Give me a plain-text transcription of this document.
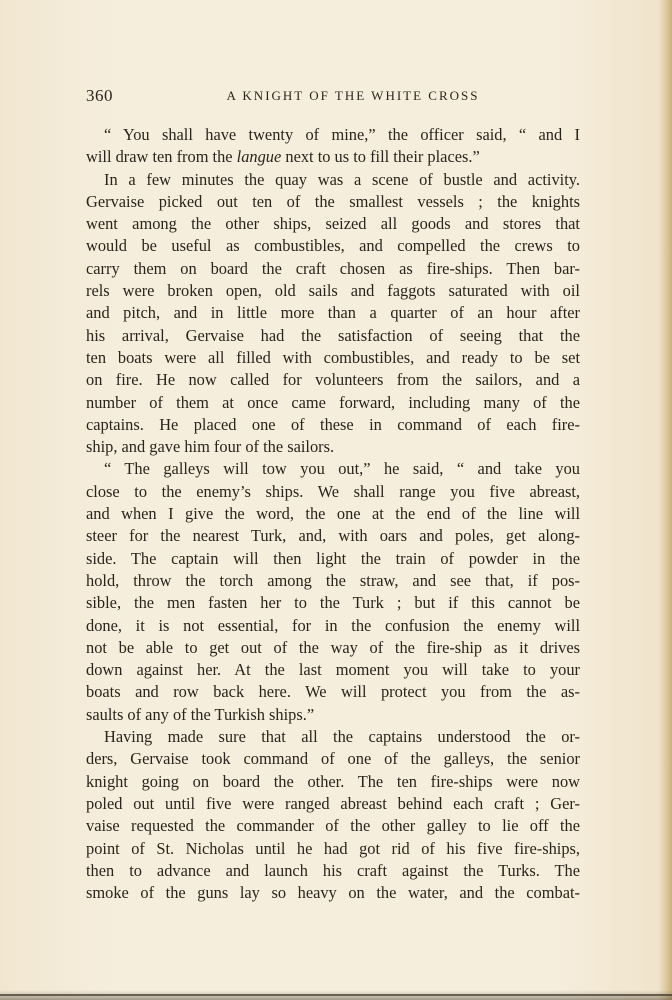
360	A KNIGHT OF THE WHITE CROSS
“ You shall have twenty of mine,” the officer said, “ and I
will draw ten from the langue next to us to fill their places.”
In a few minutes the quay was a scene of bustle and activity.
Gervaise picked out ten of the smallest vessels ; the knights
went among the other ships, seized all goods and stores that
would be useful as combustibles, and compelled the crews to
carry them on board the craft chosen as fire-ships. Then bar-
rels were broken open, old sails and faggots saturated with oil
and pitch, and in little more than a quarter of an hour after
his arrival, Gervaise had the satisfaction of seeing that the
ten boats were all filled with combustibles, and ready to be set
on fire. He now called for volunteers from the sailors, and a
number of them at once came forward, including many of the
captains. He placed one of these in command of each fire-
ship, and gave him four of the sailors.
“ The galleys will tow you out,” he said, “ and take you
close to the enemy’s ships. We shall range you five abreast,
and when I give the word, the one at the end of the line will
steer for the nearest Turk, and, with oars and poles, get along-
side. The captain will then light the train of powder in the
hold, throw the torch among the straw, and see that, if pos-
sible, the men fasten her to the Turk ; but if this cannot be
done, it is not essential, for in the confusion the enemy will
not be able to get out of the way of the fire-ship as it drives
down against her. At the last moment you will take to your
boats and row back here. We will protect you from the as-
saults of any of the Turkish ships.”
Having made sure that all the captains understood the or-
ders, Gervaise took command of one of the galleys, the senior
knight going on board the other. The ten fire-ships were now
poled out until five were ranged abreast behind each craft ; Ger-
vaise requested the commander of the other galley to lie off the
point of St. Nicholas until he had got rid of his five fire-ships,
then to advance and launch his craft against the Turks. The
smoke of the guns lay so heavy on the water, and the combat-
